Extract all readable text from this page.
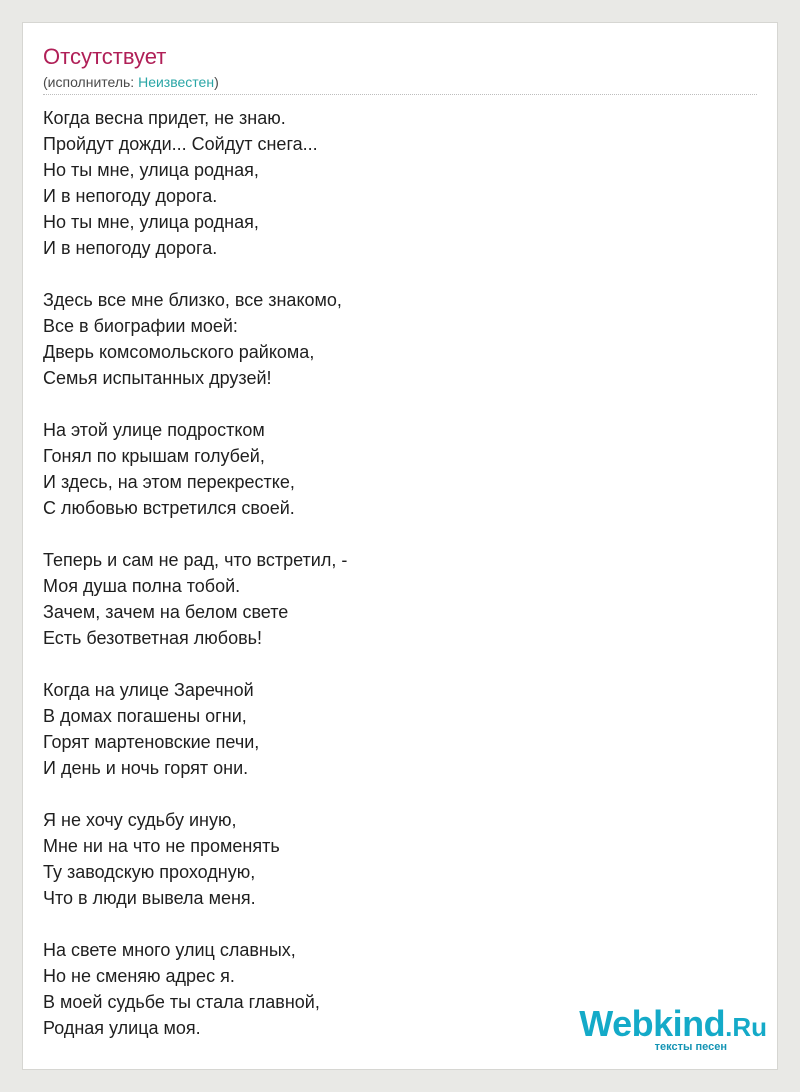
Отсутствует
(исполнитель: Неизвестен)
Когда весна придет, не знаю.
Пройдут дожди... Сойдут снега...
Но ты мне, улица родная,
И в непогоду дорога.
Но ты мне, улица родная,
И в непогоду дорога.
Здесь все мне близко, все знакомо,
Все в биографии моей:
Дверь комсомольского райкома,
Семья испытанных друзей!
На этой улице подростком
Гонял по крышам голубей,
И здесь, на этом перекрестке,
С любовью встретился своей.
Теперь и сам не рад, что встретил, -
Моя душа полна тобой.
Зачем, зачем на белом свете
Есть безответная любовь!
Когда на улице Заречной
В домах погашены огни,
Горят мартеновские печи,
И день и ночь горят они.
Я не хочу судьбу иную,
Мне ни на что не променять
Ту заводскую проходную,
Что в люди вывела меня.
На свете много улиц славных,
Но не сменяю адрес я.
В моей судьбе ты стала главной,
Родная улица моя.	Webkind.Ru
тексты песен
